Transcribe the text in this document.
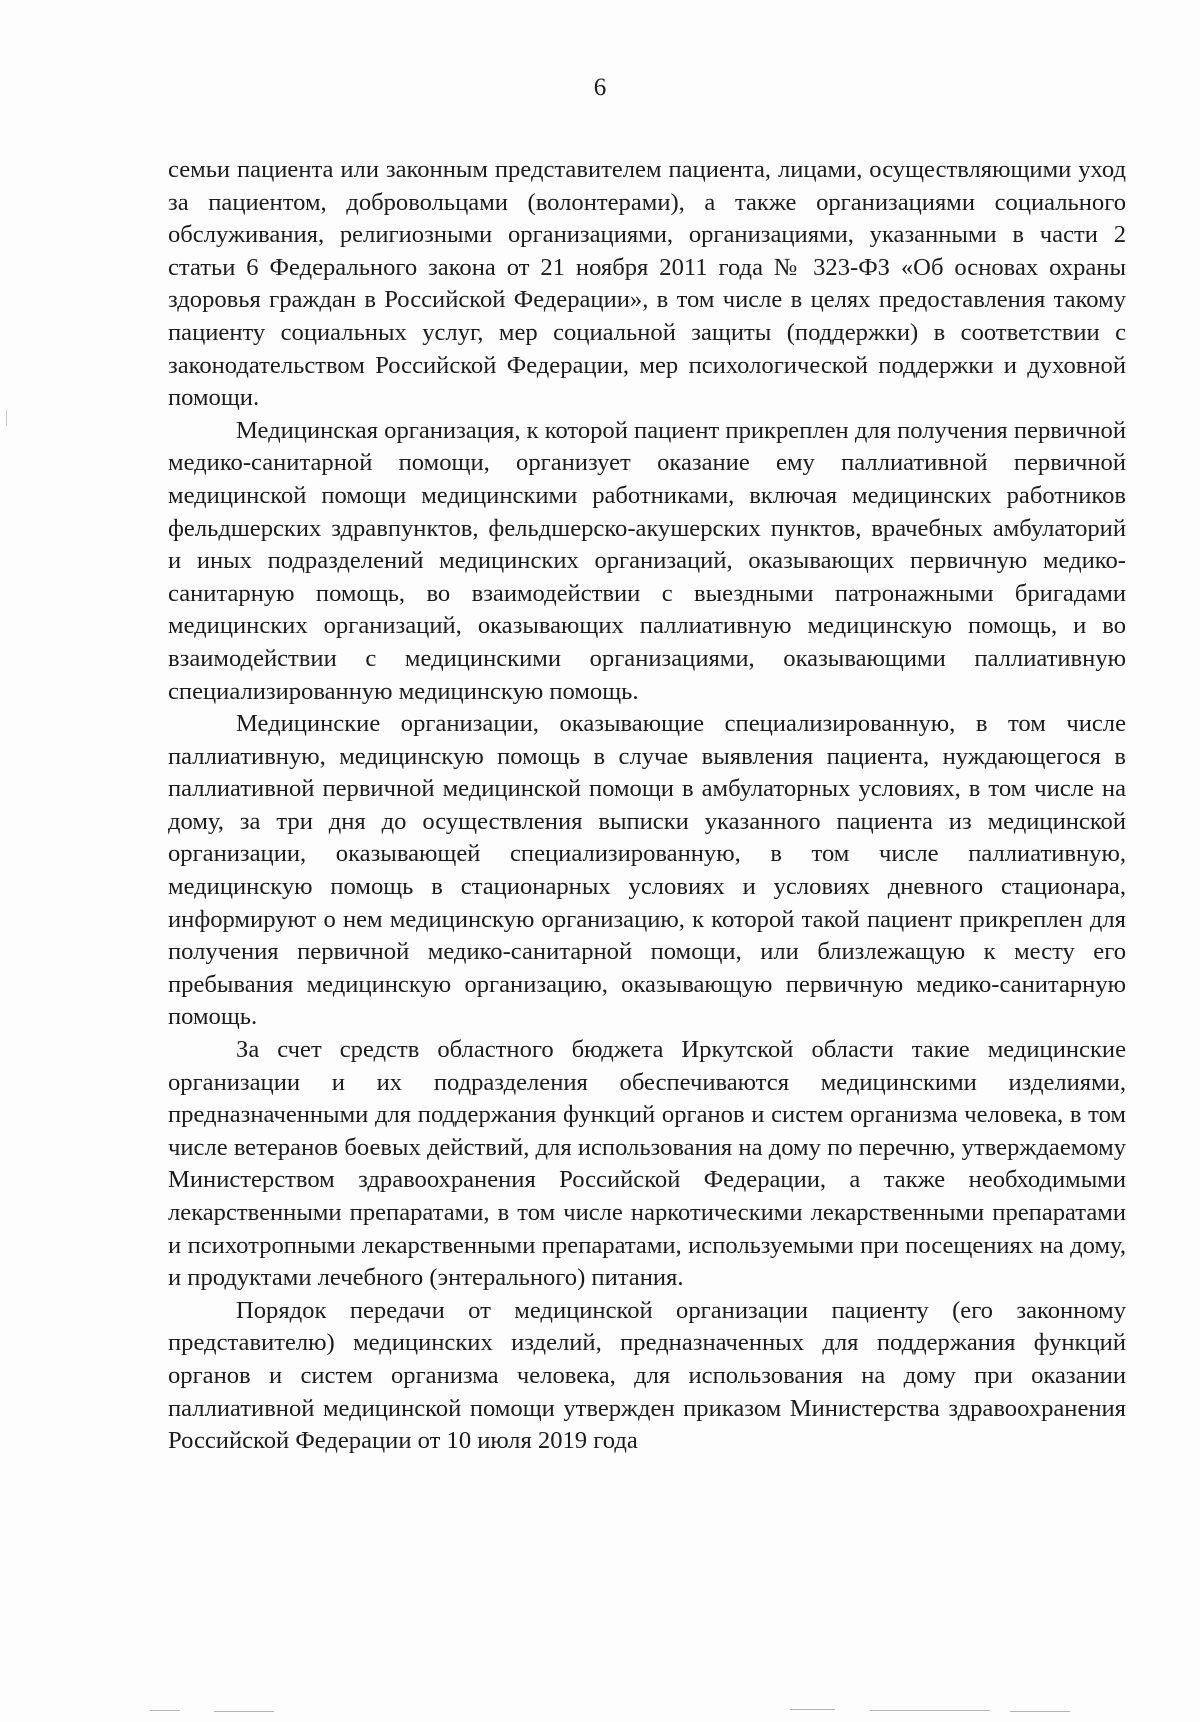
6

семьи пациента или законным представителем пациента, лицами, осуществляющими уход за пациентом, добровольцами (волонтерами), а также организациями социального обслуживания, религиозными организациями, организациями, указанными в части 2 статьи 6 Федерального закона от 21 ноября 2011 года № 323-ФЗ «Об основах охраны здоровья граждан в Российской Федерации», в том числе в целях предоставления такому пациенту социальных услуг, мер социальной защиты (поддержки) в соответствии с законодательством Российской Федерации, мер психологической поддержки и духовной помощи.

Медицинская организация, к которой пациент прикреплен для получения первичной медико-санитарной помощи, организует оказание ему паллиативной первичной медицинской помощи медицинскими работниками, включая медицинских работников фельдшерских здравпунктов, фельдшерско-акушерских пунктов, врачебных амбулаторий и иных подразделений медицинских организаций, оказывающих первичную медико-санитарную помощь, во взаимодействии с выездными патронажными бригадами медицинских организаций, оказывающих паллиативную медицинскую помощь, и во взаимодействии с медицинскими организациями, оказывающими паллиативную специализированную медицинскую помощь.

Медицинские организации, оказывающие специализированную, в том числе паллиативную, медицинскую помощь в случае выявления пациента, нуждающегося в паллиативной первичной медицинской помощи в амбулаторных условиях, в том числе на дому, за три дня до осуществления выписки указанного пациента из медицинской организации, оказывающей специализированную, в том числе паллиативную, медицинскую помощь в стационарных условиях и условиях дневного стационара, информируют о нем медицинскую организацию, к которой такой пациент прикреплен для получения первичной медико-санитарной помощи, или близлежащую к месту его пребывания медицинскую организацию, оказывающую первичную медико-санитарную помощь.

За счет средств областного бюджета Иркутской области такие медицинские организации и их подразделения обеспечиваются медицинскими изделиями, предназначенными для поддержания функций органов и систем организма человека, в том числе ветеранов боевых действий, для использования на дому по перечню, утверждаемому Министерством здравоохранения Российской Федерации, а также необходимыми лекарственными препаратами, в том числе наркотическими лекарственными препаратами и психотропными лекарственными препаратами, используемыми при посещениях на дому, и продуктами лечебного (энтерального) питания.

Порядок передачи от медицинской организации пациенту (его законному представителю) медицинских изделий, предназначенных для поддержания функций органов и систем организма человека, для использования на дому при оказании паллиативной медицинской помощи утвержден приказом Министерства здравоохранения Российской Федерации от 10 июля 2019 года
